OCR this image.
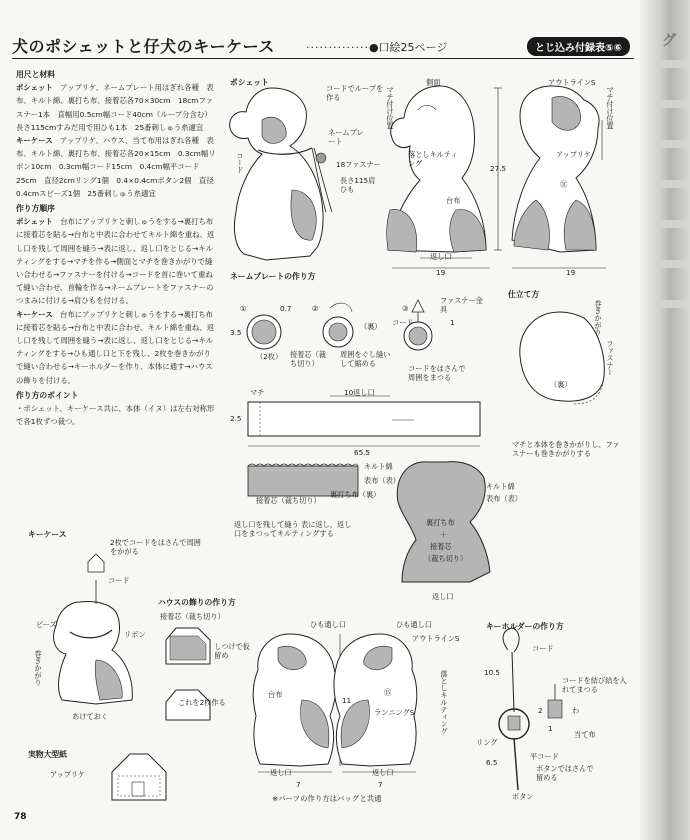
グ
犬のポシェットと仔犬のキーケース	··············●口絵25ページ	とじ込み付録表⑤⑥
用尺と材料

ポシェット　 アップリケ、ネームプレート用はぎれ各種　表布、キルト綿、裏打ち布、接着芯各70×30cm　18cmファスナー1本　直幅用0.5cm幅コード40cm（ループ分含む）長さ115cmすみだ用で用ひも1本　25番刺しゅう糸適宜

キーケース　 アップリケ、ハウス、当て布用はぎれ各種　表布、キルト綿、裏打ち布、接着芯各20×15cm　0.3cm幅リボン10cm　0.3cm幅コード15cm　0.4cm幅平コード25cm　直径2cmリング1個　0.4×0.4cmボタン2個　直径0.4cmスビーズ1個　25番刺しゅう糸適宜

作り方順序

ポシェット　 台布にアップリケと刺しゅうをする→裏打ち布に接着芯を貼る→台布と中表に合わせてキルト綿を重ね、返し口を残して周囲を縫う→表に返し、返し口をとじる→キルティングをする→マチを作る→側面とマチを巻きかがりで縫い合わせる→ファスナーを付ける→コードを首に巻いて重ねて縫い合わせ、首輪を作る→ネームプレートをファスナーのつまみに付ける→肩ひもを付ける。

キーケース　 台布にアップリケと刺しゅうをする→裏打ち布に接着芯を貼る→台布と中表に合わせ、キルト綿を重ね、返し口を残して周囲を縫う→表に返し、返し口をとじる→キルティングをする→ひも通し口と下を残し、2枚を巻きかがりで縫い合わせる→キーホルダーを作り、本体に通す→ハウスの飾りを付ける。

作り方のポイント

・ポシェット、キーケース共に、本体（イヌ）は左右対称形で各1枚ずつ裁つ。

ポシェット
コードでループを作る
ネームプレート
18ファスナー
長さ115肩ひも
コード
側面
マチ付け位置
落としキルティング
台布
返し口
27.5
19
アウトラインS
マチ付け位置
アップリケ
㉛
19
ネームプレートの作り方
①	②	③
3.5
0.7
（2枚）
（裏）
接着芯（裁ち切り）
周囲をぐし縫いして縮める
ファスナー金具
コード	1
コードをはさんで周囲をまつる
マチ	10返し口
2.5
65.5
キルト綿
表布（表）
裏打ち布（裏）
接着芯（裁ち切り）
返し口を残して縫う 表に返し、返し口をまつってキルティングする
キルト綿
表布（表）
裏打ち布
＋
接着芯
（裁ち切り）
返し口
仕立て方
巻きかがり
ファスナー
（裏）
マチと本体を巻きかがりし、ファスナーも巻きかがりする
キーケース
2枚でコードをはさんで周囲をかがる
コード
ビーズ
リボン
巻きかがり
あけておく
ハウスの飾りの作り方
接着芯（裁ち切り）
しつけで仮留め
これを2枚作る
実物大型紙
アップリケ
ひも通し口
台布
11
返し口
7
ひも通し口
アウトラインS
ランニングS
⑮	落としキルティング
返し口
7
キーホルダーの作り方
コード
コードを結び結を入れてまつる
10.5
2	わ
当て布
1
リング
6.5
平コード
ボタンではさんで留める
ボタン
※パーツの作り方はバッグと共通
78
